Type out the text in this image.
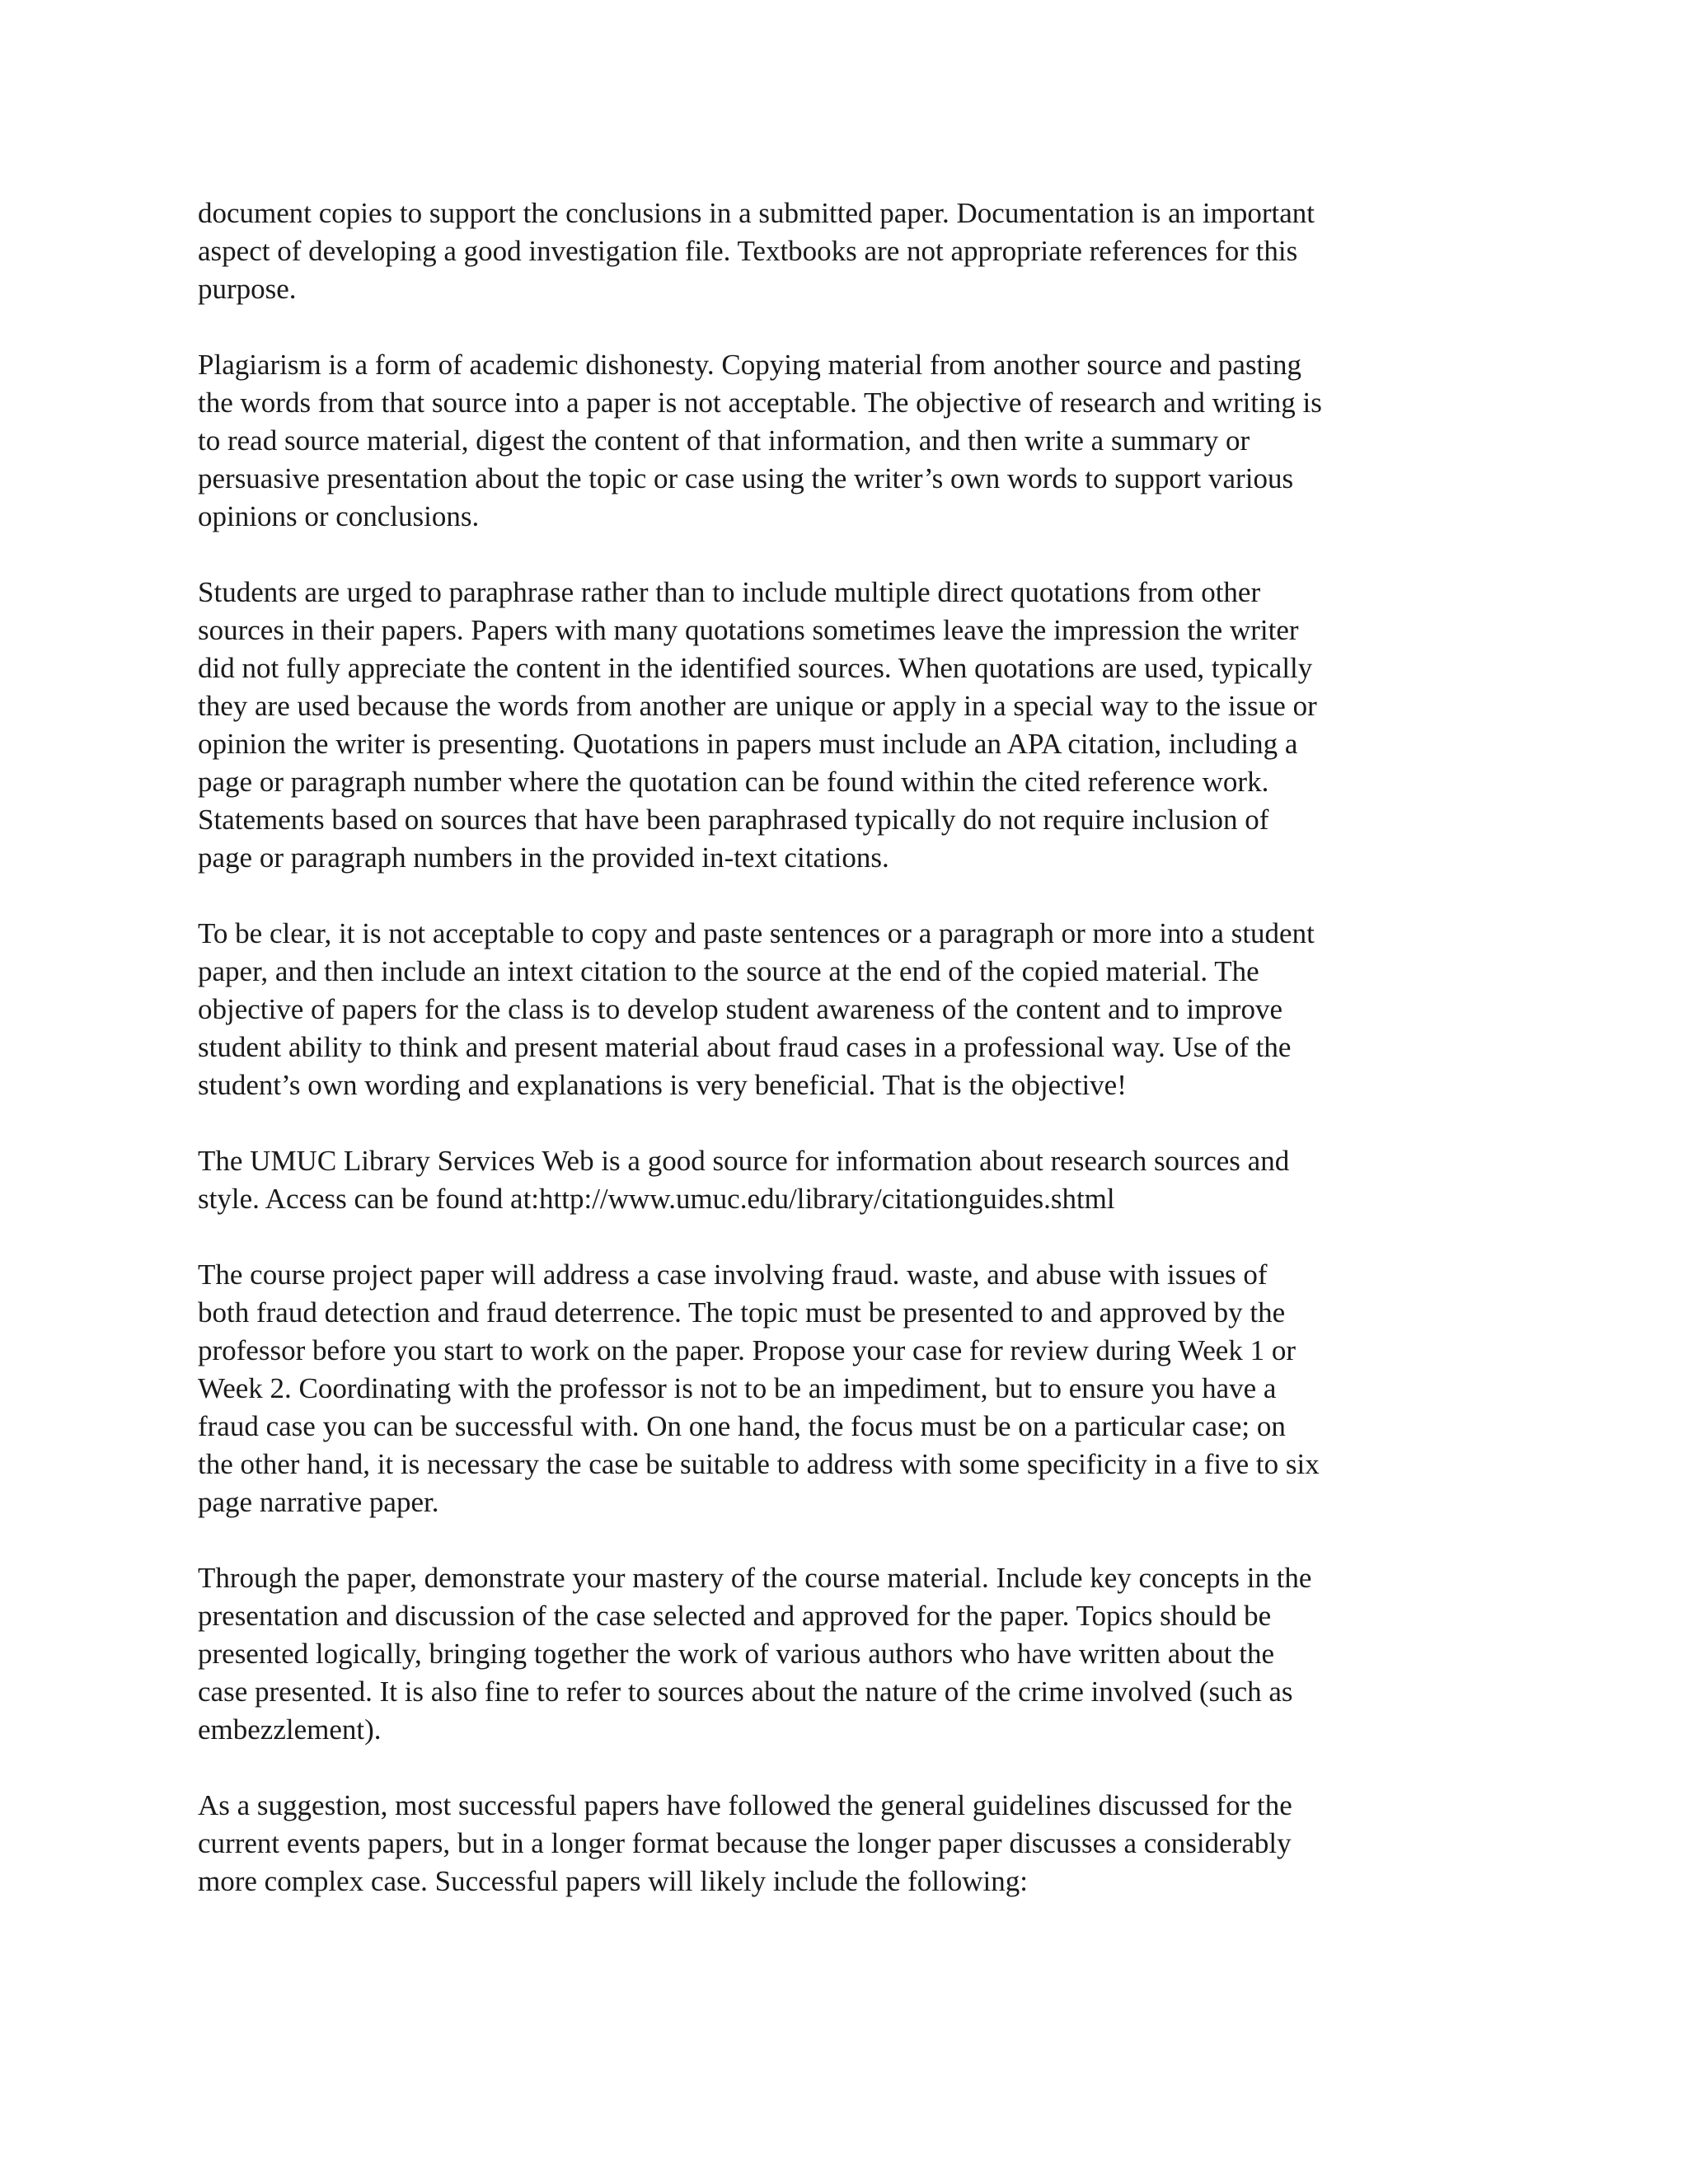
document copies to support the conclusions in a submitted paper. Documentation is an important
aspect of developing a good investigation file. Textbooks are not appropriate references for this
purpose.

Plagiarism is a form of academic dishonesty. Copying material from another source and pasting
the words from that source into a paper is not acceptable. The objective of research and writing is
to read source material, digest the content of that information, and then write a summary or
persuasive presentation about the topic or case using the writer’s own words to support various
opinions or conclusions.

Students are urged to paraphrase rather than to include multiple direct quotations from other
sources in their papers. Papers with many quotations sometimes leave the impression the writer
did not fully appreciate the content in the identified sources. When quotations are used, typically
they are used because the words from another are unique or apply in a special way to the issue or
opinion the writer is presenting. Quotations in papers must include an APA citation, including a
page or paragraph number where the quotation can be found within the cited reference work.
Statements based on sources that have been paraphrased typically do not require inclusion of
page or paragraph numbers in the provided in-text citations.

To be clear, it is not acceptable to copy and paste sentences or a paragraph or more into a student
paper, and then include an intext citation to the source at the end of the copied material. The
objective of papers for the class is to develop student awareness of the content and to improve
student ability to think and present material about fraud cases in a professional way. Use of the
student’s own wording and explanations is very beneficial. That is the objective!

The UMUC Library Services Web is a good source for information about research sources and
style. Access can be found at:http://www.umuc.edu/library/citationguides.shtml

The course project paper will address a case involving fraud. waste, and abuse with issues of
both fraud detection and fraud deterrence. The topic must be presented to and approved by the
professor before you start to work on the paper. Propose your case for review during Week 1 or
Week 2. Coordinating with the professor is not to be an impediment, but to ensure you have a
fraud case you can be successful with. On one hand, the focus must be on a particular case; on
the other hand, it is necessary the case be suitable to address with some specificity in a five to six
page narrative paper.

Through the paper, demonstrate your mastery of the course material. Include key concepts in the
presentation and discussion of the case selected and approved for the paper. Topics should be
presented logically, bringing together the work of various authors who have written about the
case presented. It is also fine to refer to sources about the nature of the crime involved (such as
embezzlement).

As a suggestion, most successful papers have followed the general guidelines discussed for the
current events papers, but in a longer format because the longer paper discusses a considerably
more complex case. Successful papers will likely include the following:
